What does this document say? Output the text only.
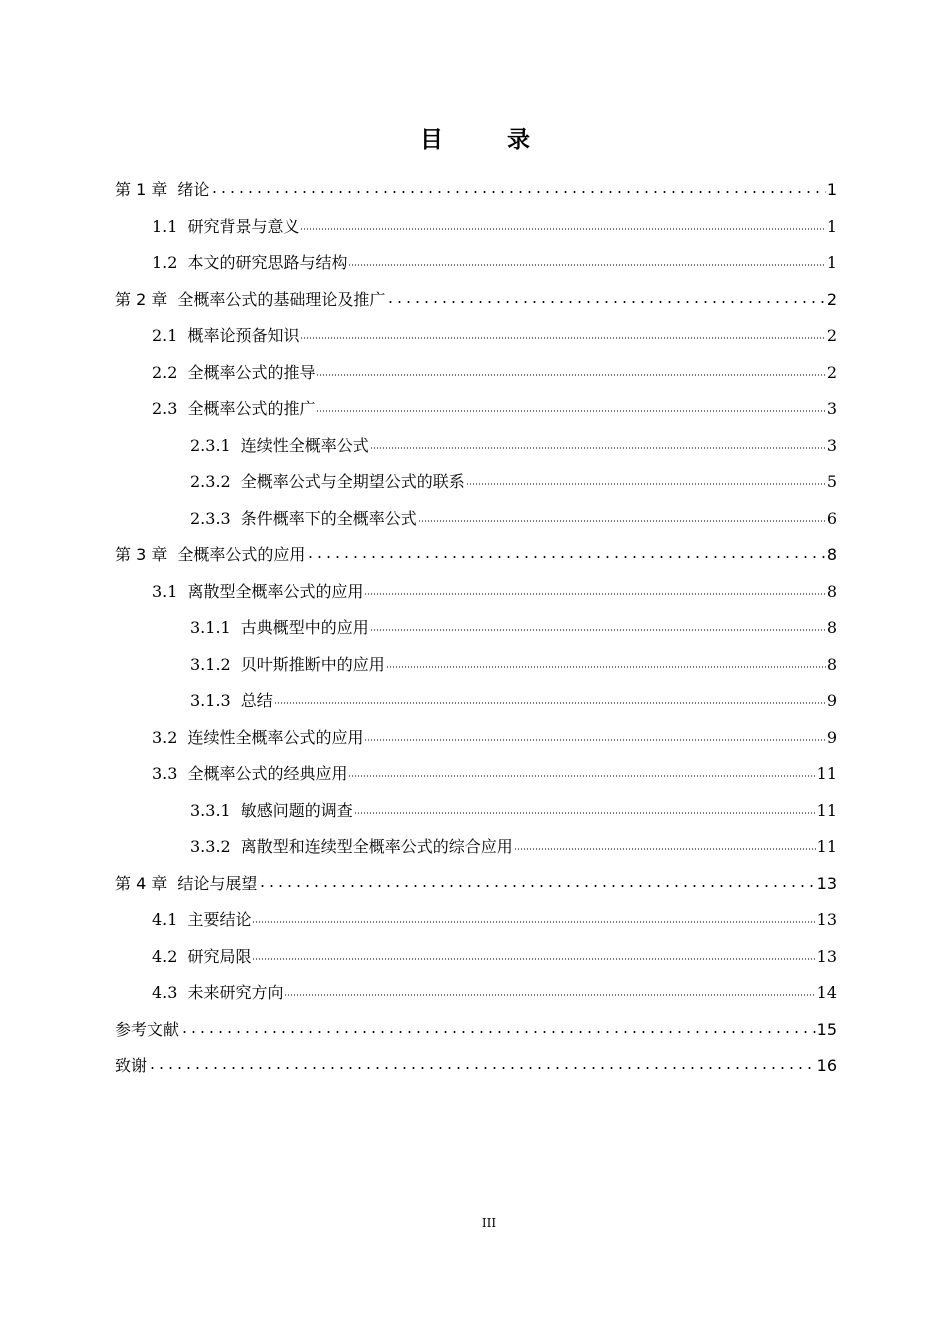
目 录
第 1 章 绪论	1
1.1 研究背景与意义	1
1.2 本文的研究思路与结构	1
第 2 章 全概率公式的基础理论及推广	2
2.1 概率论预备知识	2
2.2 全概率公式的推导	2
2.3 全概率公式的推广	3
2.3.1 连续性全概率公式	3
2.3.2 全概率公式与全期望公式的联系	5
2.3.3 条件概率下的全概率公式	6
第 3 章 全概率公式的应用	8
3.1 离散型全概率公式的应用	8
3.1.1 古典概型中的应用	8
3.1.2 贝叶斯推断中的应用	8
3.1.3 总结	9
3.2 连续性全概率公式的应用	9
3.3 全概率公式的经典应用	11
3.3.1 敏感问题的调查	11
3.3.2 离散型和连续型全概率公式的综合应用	11
第 4 章 结论与展望	13
4.1 主要结论	13
4.2 研究局限	13
4.3 未来研究方向	14
参考文献	15
致谢	16
III
